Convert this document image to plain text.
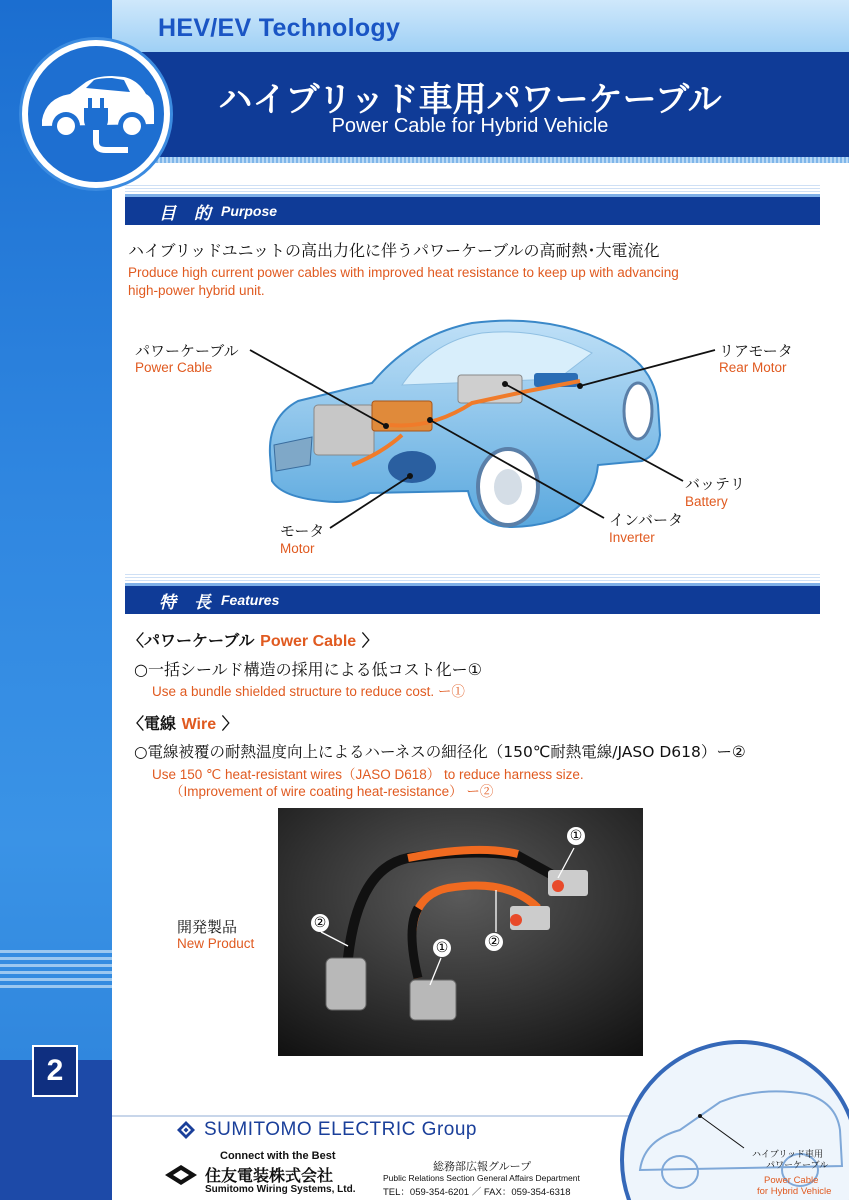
HEV/EV Technology
ハイブリッド車用パワーケーブル
Power Cable for Hybrid Vehicle
目 的 Purpose
ハイブリッドユニットの高出力化に伴うパワーケーブルの高耐熱･大電流化
Produce high current power cables with improved heat resistance to keep up with advancing
high-power hybrid unit.
パワーケーブル
Power Cable
リアモータ
Rear Motor
バッテリ
Battery
インバータ
Inverter
モータ
Motor
特 長 Features
〈パワーケーブル Power Cable 〉
○一括シールド構造の採用による低コスト化ー①
Use a bundle shielded structure to reduce cost. ー①
〈電線 Wire 〉
○電線被覆の耐熱温度向上によるハーネスの細径化（150℃耐熱電線/JASO D618）ー②
Use 150 ℃ heat-resistant wires（JASO D618） to reduce harness size.
（Improvement of wire coating heat-resistance） ー②
①
②
②
①
開発製品
New Product
2
SUMITOMO ELECTRIC Group
Connect with the Best
住友電装株式会社
Sumitomo Wiring Systems, Ltd.
総務部広報グループ
Public Relations Section General Affairs Department
TEL：059-354-6201 ／ FAX：059-354-6318
ハイブリッド車用
パワーケーブル
Power Cable
for Hybrid Vehicle
